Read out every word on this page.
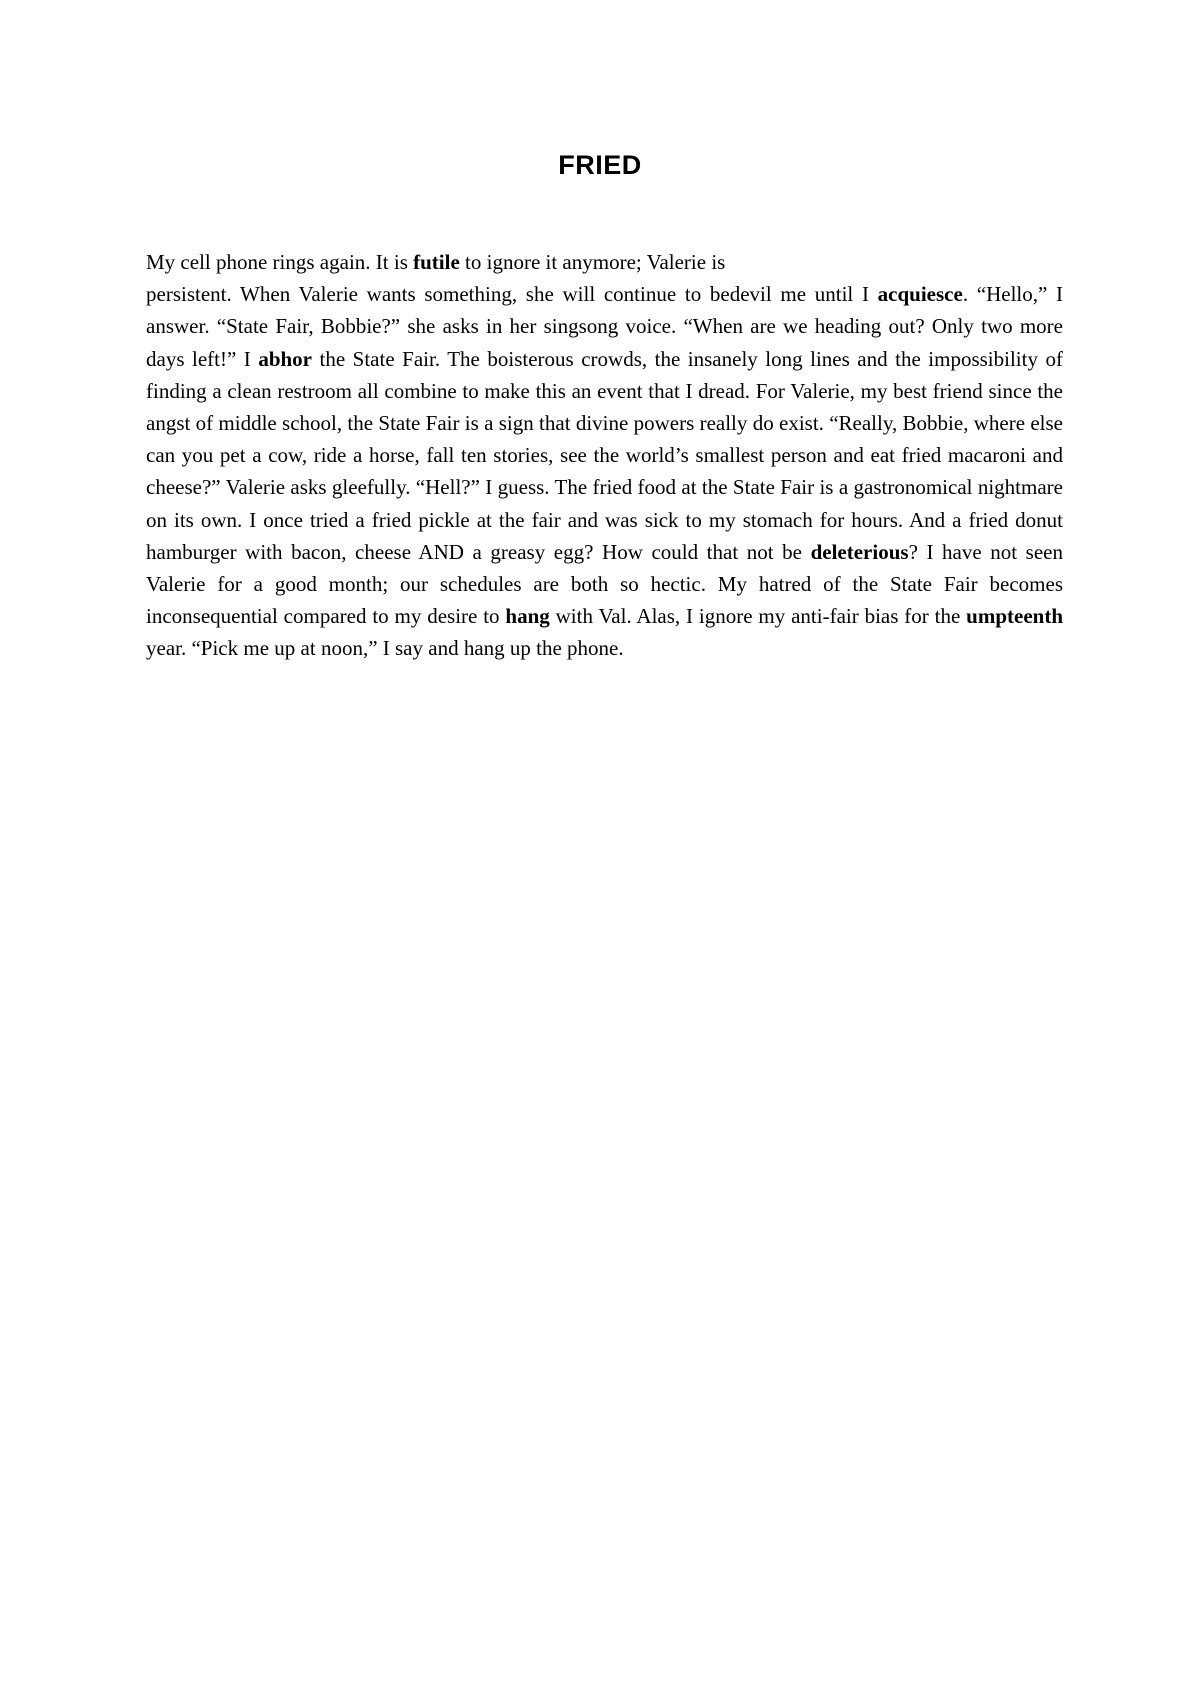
FRIED
My cell phone rings again. It is futile to ignore it anymore; Valerie is
persistent. When Valerie wants something, she will continue to bedevil me until I acquiesce. “Hello,” I answer. “State Fair, Bobbie?” she asks in her singsong voice. “When are we heading out? Only two more days left!” I abhor the State Fair. The boisterous crowds, the insanely long lines and the impossibility of finding a clean restroom all combine to make this an event that I dread. For Valerie, my best friend since the angst of middle school, the State Fair is a sign that divine powers really do exist. “Really, Bobbie, where else can you pet a cow, ride a horse, fall ten stories, see the world’s smallest person and eat fried macaroni and cheese?” Valerie asks gleefully. “Hell?” I guess. The fried food at the State Fair is a gastronomical nightmare on its own. I once tried a fried pickle at the fair and was sick to my stomach for hours. And a fried donut hamburger with bacon, cheese AND a greasy egg? How could that not be deleterious? I have not seen Valerie for a good month; our schedules are both so hectic. My hatred of the State Fair becomes inconsequential compared to my desire to hang with Val. Alas, I ignore my anti-fair bias for the umpteenth year. “Pick me up at noon,” I say and hang up the phone.
